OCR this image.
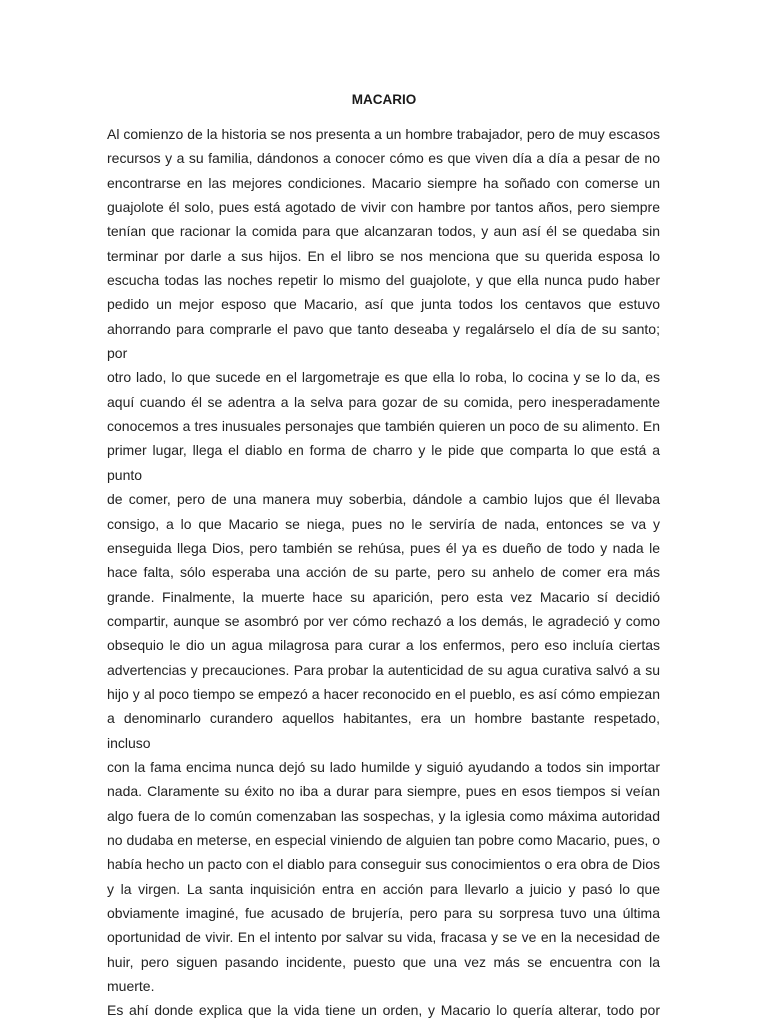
MACARIO
Al comienzo de la historia se nos presenta a un hombre trabajador, pero de muy escasos
recursos y a su familia, dándonos a conocer cómo es que viven día a día a pesar de no
encontrarse en las mejores condiciones. Macario siempre ha soñado con comerse un
guajolote él solo, pues está agotado de vivir con hambre por tantos años, pero siempre
tenían que racionar la comida para que alcanzaran todos, y aun así él se quedaba sin
terminar por darle a sus hijos. En el libro se nos menciona que su querida esposa lo
escucha todas las noches repetir lo mismo del guajolote, y que ella nunca pudo haber
pedido un mejor esposo que Macario, así que junta todos los centavos que estuvo
ahorrando para comprarle el pavo que tanto deseaba y regalárselo el día de su santo; por
otro lado, lo que sucede en el largometraje es que ella lo roba, lo cocina y se lo da, es
aquí cuando él se adentra a la selva para gozar de su comida, pero inesperadamente
conocemos a tres inusuales personajes que también quieren un poco de su alimento. En
primer lugar, llega el diablo en forma de charro y le pide que comparta lo que está a punto
de comer, pero de una manera muy soberbia, dándole a cambio lujos que él llevaba
consigo, a lo que Macario se niega, pues no le serviría de nada, entonces se va y
enseguida llega Dios, pero también se rehúsa, pues él ya es dueño de todo y nada le
hace falta, sólo esperaba una acción de su parte, pero su anhelo de comer era más
grande. Finalmente, la muerte hace su aparición, pero esta vez Macario sí decidió
compartir, aunque se asombró por ver cómo rechazó a los demás, le agradeció y como
obsequio le dio un agua milagrosa para curar a los enfermos, pero eso incluía ciertas
advertencias y precauciones. Para probar la autenticidad de su agua curativa salvó a su
hijo y al poco tiempo se empezó a hacer reconocido en el pueblo, es así cómo empiezan
a denominarlo curandero aquellos habitantes, era un hombre bastante respetado, incluso
con la fama encima nunca dejó su lado humilde y siguió ayudando a todos sin importar
nada. Claramente su éxito no iba a durar para siempre, pues en esos tiempos si veían
algo fuera de lo común comenzaban las sospechas, y la iglesia como máxima autoridad
no dudaba en meterse, en especial viniendo de alguien tan pobre como Macario, pues, o
había hecho un pacto con el diablo para conseguir sus conocimientos o era obra de Dios
y la virgen. La santa inquisición entra en acción para llevarlo a juicio y pasó lo que
obviamente imaginé, fue acusado de brujería, pero para su sorpresa tuvo una última
oportunidad de vivir. En el intento por salvar su vida, fracasa y se ve en la necesidad de
huir, pero siguen pasando incidente, puesto que una vez más se encuentra con la muerte.
Es ahí donde explica que la vida tiene un orden, y Macario lo quería alterar, todo por
